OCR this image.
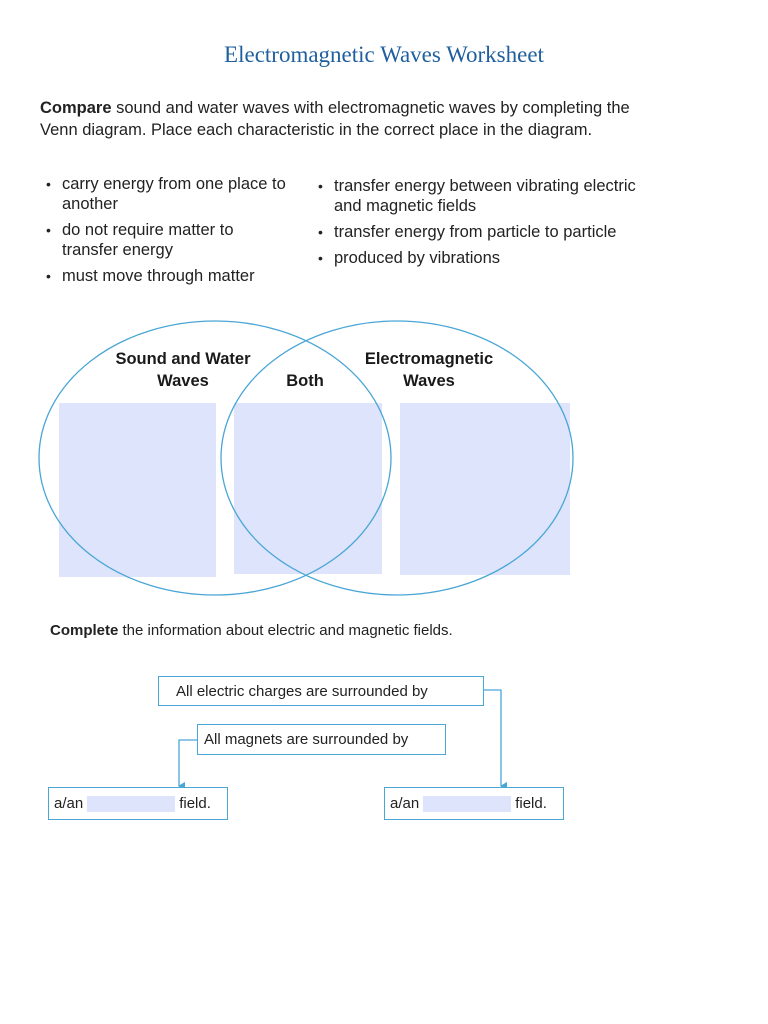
Electromagnetic Waves Worksheet
Compare sound and water waves with electromagnetic waves by completing the Venn diagram. Place each characteristic in the correct place in the diagram.
• carry energy from one place to another
• do not require matter to transfer energy
• must move through matter
• transfer energy between vibrating electric and magnetic fields
• transfer energy from particle to particle
• produced by vibrations
Sound and Water
Waves	Both
Electromagnetic
Waves
Complete the information about electric and magnetic fields.
All electric charges are surrounded by
All magnets are surrounded by
a/an	field.	a/an	field.
